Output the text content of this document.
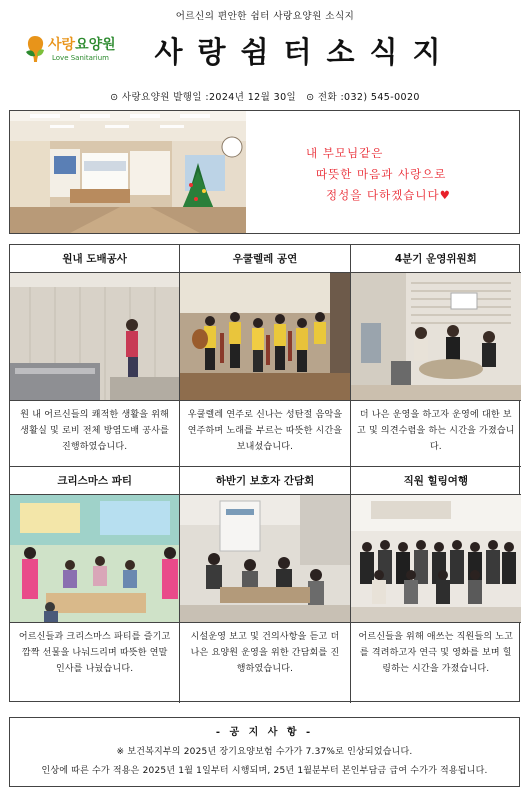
어르신의 편안한 쉼터 사랑요양원 소식지
사랑요양원
Love Sanitarium	사랑쉼터소식지
⊙ 사랑요양원 발행일 :2024년 12월 30일 ⊙ 전화 :032) 545-0020
내 부모님같은
따뜻한 마음과 사랑으로
정성을 다하겠습니다♥
원내 도배공사
원 내 어르신들의 쾌적한 생활을 위해 생활실 및 로비 전체 방염도배 공사를 진행하였습니다.
우쿨렐레 공연
우쿨렐레 연주로 신나는 성탄절 음악을 연주하며 노래를 부르는 따뜻한 시간을 보내셨습니다.
4분기 운영위원회
더 나은 운영을 하고자 운영에 대한 보고 및 의견수렴을 하는 시간을 가졌습니다.
크리스마스 파티
어르신들과 크리스마스 파티를 즐기고 깜짝 선물을 나눠드리며 따뜻한 연말 인사를 나눴습니다.
하반기 보호자 간담회
시설운영 보고 및 건의사항을 듣고 더 나은 요양원 운영을 위한 간담회를 진행하였습니다.
직원 힐링여행
어르신들을 위해 애쓰는 직원들의 노고를 격려하고자 연극 및 영화를 보며 힐링하는 시간을 가졌습니다.
- 공 지 사 항 -
※ 보건복지부의 2025년 장기요양보험 수가가 7.37%로 인상되었습니다.
인상에 따른 수가 적용은 2025년 1월 1일부터 시행되며, 25년 1월분부터 본인부담금 급여 수가가 적용됩니다.
